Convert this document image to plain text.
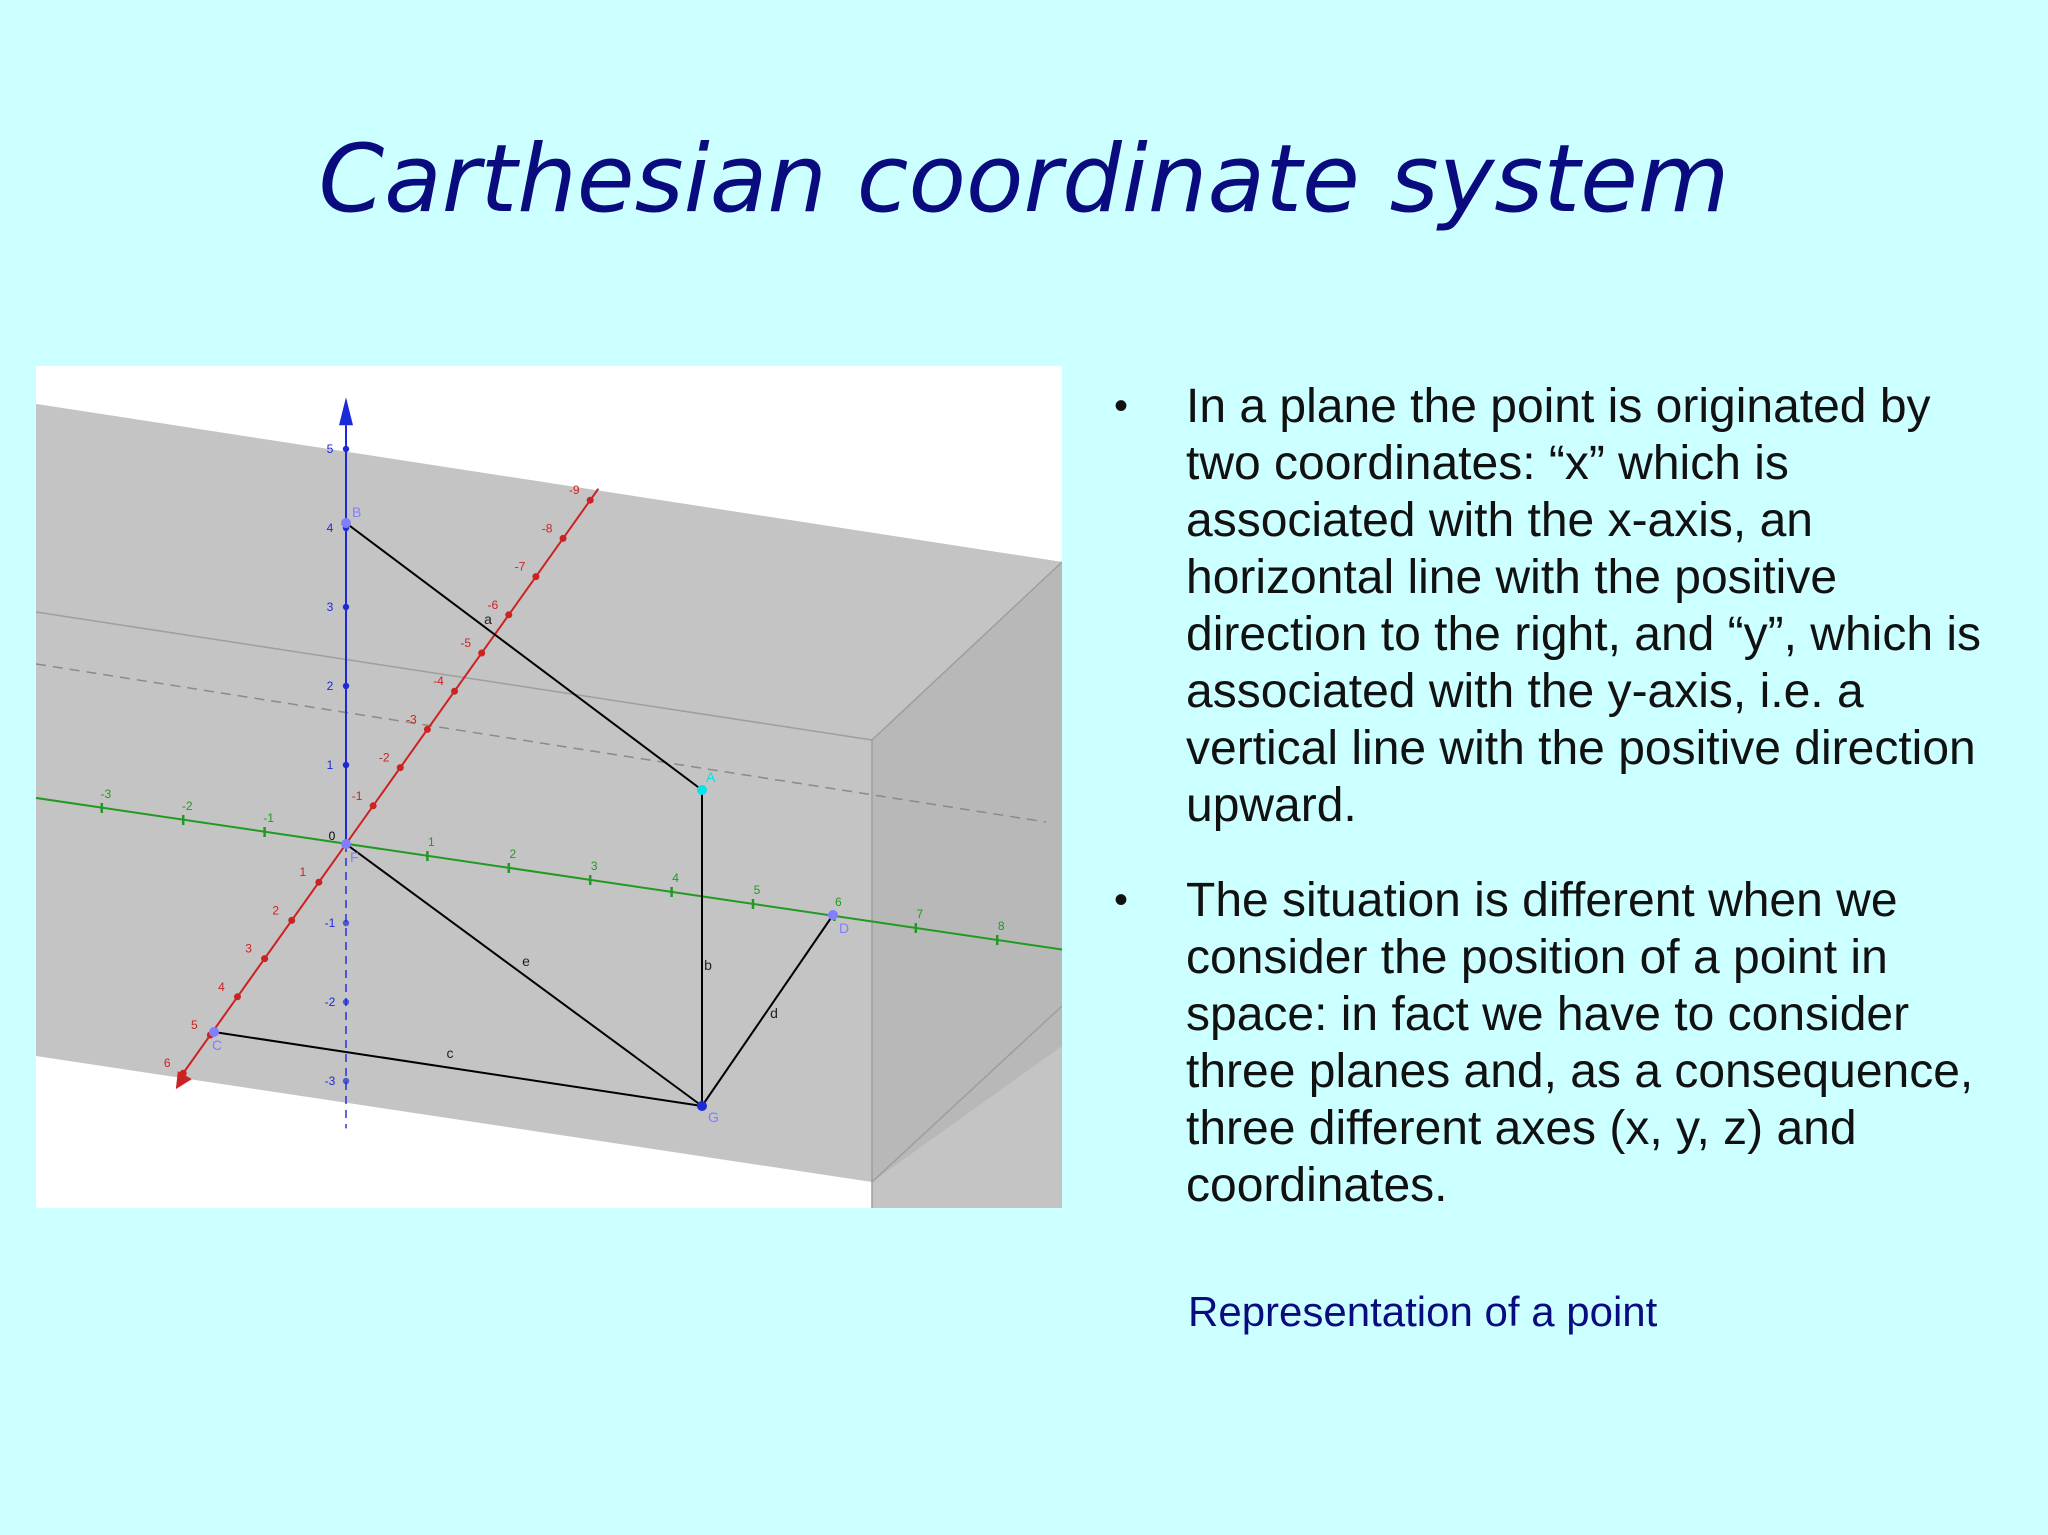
Carthesian coordinate system
-3
-2
-1
1
2
3
4
5
6
7
8
-9
-8
-7
-6
-5
-4
-3
-2
-1
1
2
3
4
5
6
5
4
3
2
1
-1
-2
-3
0
a
b
c
d
e
A
B
C
D
F
G
• In a plane the point is originated by two coordinates: “x” which is associated with the x-axis, an horizontal line with the positive direction to the right, and “y”, which is associated with the y-axis, i.e. a vertical line with the positive direction upward.
• The situation is different when we consider the position of a point in space: in fact we have to consider three planes and, as a consequence, three different axes (x, y, z) and coordinates.
Representation of a point
